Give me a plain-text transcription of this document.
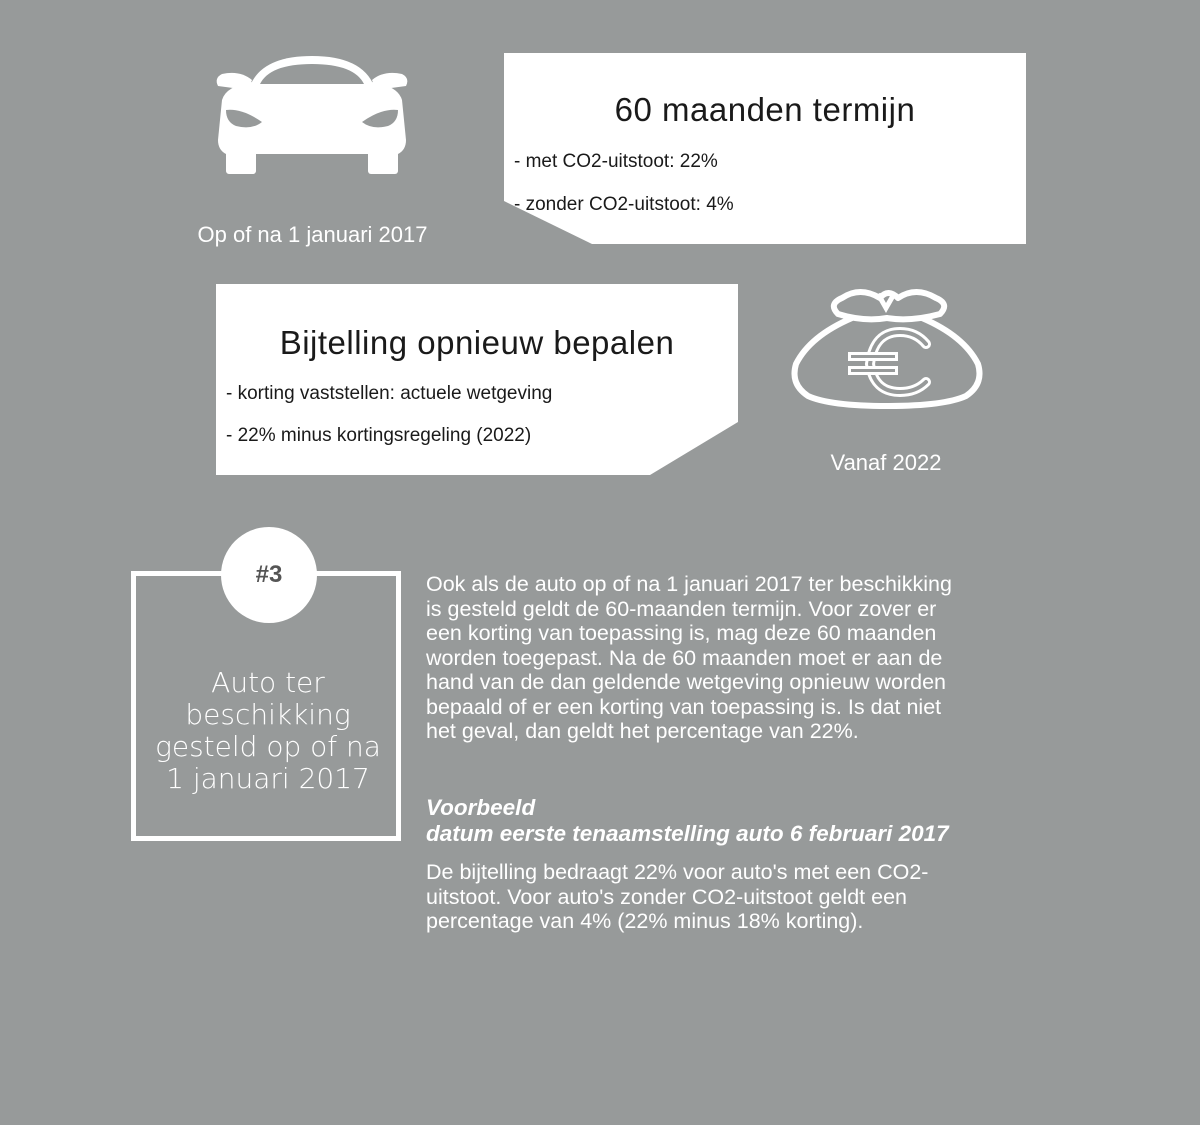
Op of na 1 januari 2017
60 maanden termijn
- met CO2-uitstoot: 22%
- zonder CO2-uitstoot: 4%
Bijtelling opnieuw bepalen
- korting vaststellen: actuele wetgeving
- 22% minus kortingsregeling (2022)
Vanaf 2022
#3
Auto ter
beschikking
gesteld op of na
1 januari 2017
Ook als de auto op of na 1 januari 2017 ter beschikking
is gesteld geldt de 60-maanden termijn. Voor zover er
een korting van toepassing is, mag deze 60 maanden
worden toegepast. Na de 60 maanden moet er aan de
hand van de dan geldende wetgeving opnieuw worden
bepaald of er een korting van toepassing is. Is dat niet
het geval, dan geldt het percentage van 22%.
Voorbeeld
datum eerste tenaamstelling auto 6 februari 2017
De bijtelling bedraagt 22% voor auto's met een CO2-
uitstoot. Voor auto's zonder CO2-uitstoot geldt een
percentage van 4% (22% minus 18% korting).
